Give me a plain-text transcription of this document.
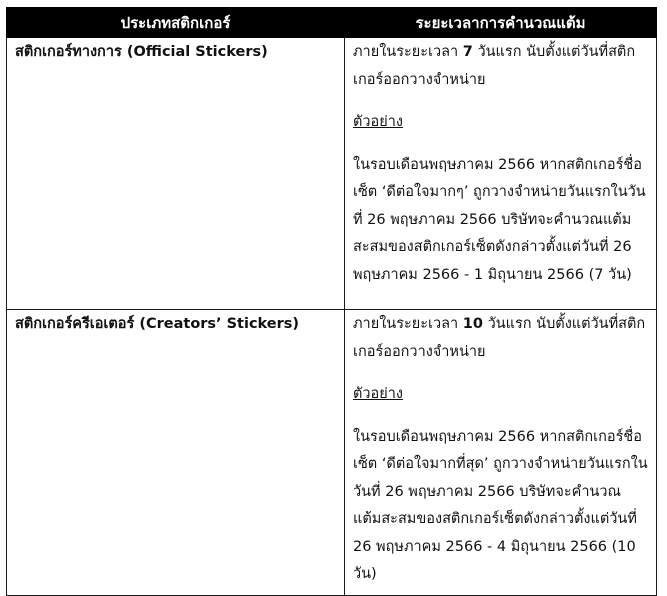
ประเภทสติกเกอร์	ระยะเวลาการคำนวณแต้ม
สติกเกอร์ทางการ (Official Stickers)	ภายในระยะเวลา 7 วันแรก นับตั้งแต่วันที่สติกเกอร์ออกวางจำหน่าย

ตัวอย่าง

ในรอบเดือนพฤษภาคม 2566 หากสติกเกอร์ชื่อเซ็ต ‘ดีต่อใจมากๆ’ ถูกวางจำหน่ายวันแรกในวันที่ 26 พฤษภาคม 2566 บริษัทจะคำนวณแต้มสะสมของสติกเกอร์เซ็ตดังกล่าวตั้งแต่วันที่ 26 พฤษภาคม 2566 - 1 มิถุนายน 2566 (7 วัน)

สติกเกอร์ครีเอเตอร์ (Creators’ Stickers)	ภายในระยะเวลา 10 วันแรก นับตั้งแต่วันที่สติกเกอร์ออกวางจำหน่าย

ตัวอย่าง

ในรอบเดือนพฤษภาคม 2566 หากสติกเกอร์ชื่อเซ็ต ‘ดีต่อใจมากที่สุด’ ถูกวางจำหน่ายวันแรกในวันที่ 26 พฤษภาคม 2566 บริษัทจะคำนวณแต้มสะสมของสติกเกอร์เซ็ตดังกล่าวตั้งแต่วันที่ 26 พฤษภาคม 2566 - 4 มิถุนายน 2566 (10 วัน)
